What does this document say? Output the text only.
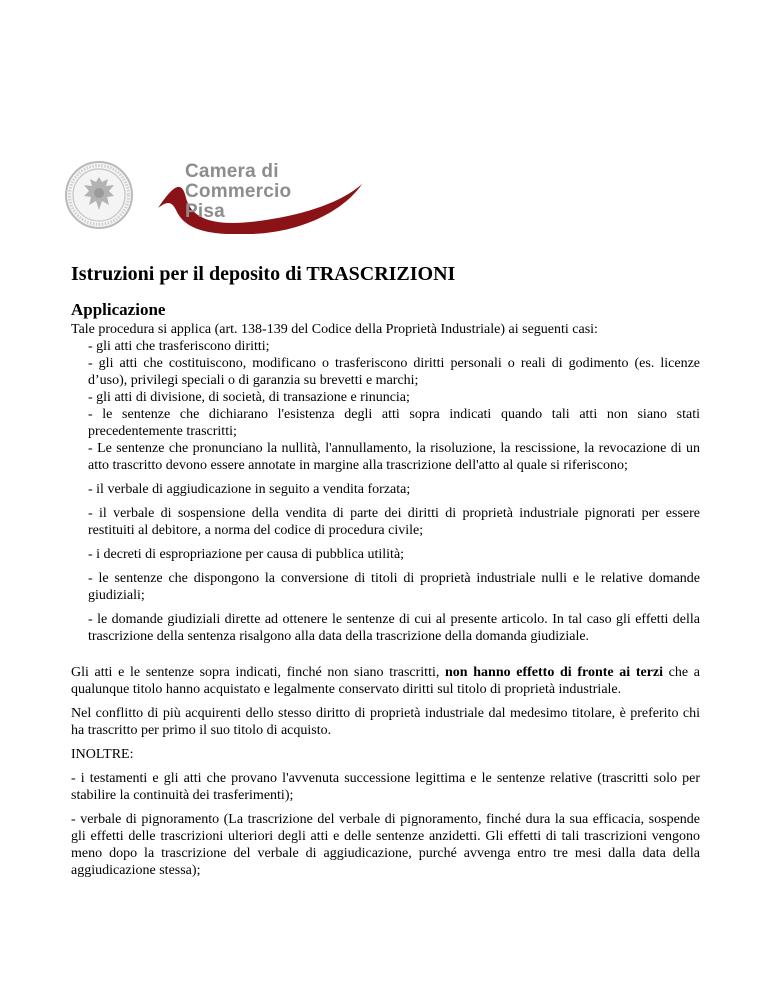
Camera di Commercio
Pisa
Istruzioni per il deposito di TRASCRIZIONI
Applicazione

Tale procedura si applica (art. 138-139 del Codice della Proprietà Industriale) ai seguenti casi:

- gli atti che trasferiscono diritti;

- gli atti che costituiscono, modificano o trasferiscono diritti personali o reali di godimento (es. licenze d’uso), privilegi speciali o di garanzia su brevetti e marchi;

- gli atti di divisione, di società, di transazione e rinuncia;

- le sentenze che dichiarano l'esistenza degli atti sopra indicati quando tali atti non siano stati precedentemente trascritti;

- Le sentenze che pronunciano la nullità, l'annullamento, la risoluzione, la rescissione, la revocazione di un atto trascritto devono essere annotate in margine alla trascrizione dell'atto al quale si riferiscono;

- il verbale di aggiudicazione in seguito a vendita forzata;

- il verbale di sospensione della vendita di parte dei diritti di proprietà industriale pignorati per essere restituiti al debitore, a norma del codice di procedura civile;

- i decreti di espropriazione per causa di pubblica utilità;

- le sentenze che dispongono la conversione di titoli di proprietà industriale nulli e le relative domande giudiziali;

- le domande giudiziali dirette ad ottenere le sentenze di cui al presente articolo. In tal caso gli effetti della trascrizione della sentenza risalgono alla data della trascrizione della domanda giudiziale.

Gli atti e le sentenze sopra indicati, finché non siano trascritti, non hanno effetto di fronte ai terzi che a qualunque titolo hanno acquistato e legalmente conservato diritti sul titolo di proprietà industriale.

Nel conflitto di più acquirenti dello stesso diritto di proprietà industriale dal medesimo titolare, è preferito chi ha trascritto per primo il suo titolo di acquisto.

INOLTRE:

- i testamenti e gli atti che provano l'avvenuta successione legittima e le sentenze relative (trascritti solo per stabilire la continuità dei trasferimenti);

- verbale di pignoramento (La trascrizione del verbale di pignoramento, finché dura la sua efficacia, sospende gli effetti delle trascrizioni ulteriori degli atti e delle sentenze anzidetti. Gli effetti di tali trascrizioni vengono meno dopo la trascrizione del verbale di aggiudicazione, purché avvenga entro tre mesi dalla data della aggiudicazione stessa);
